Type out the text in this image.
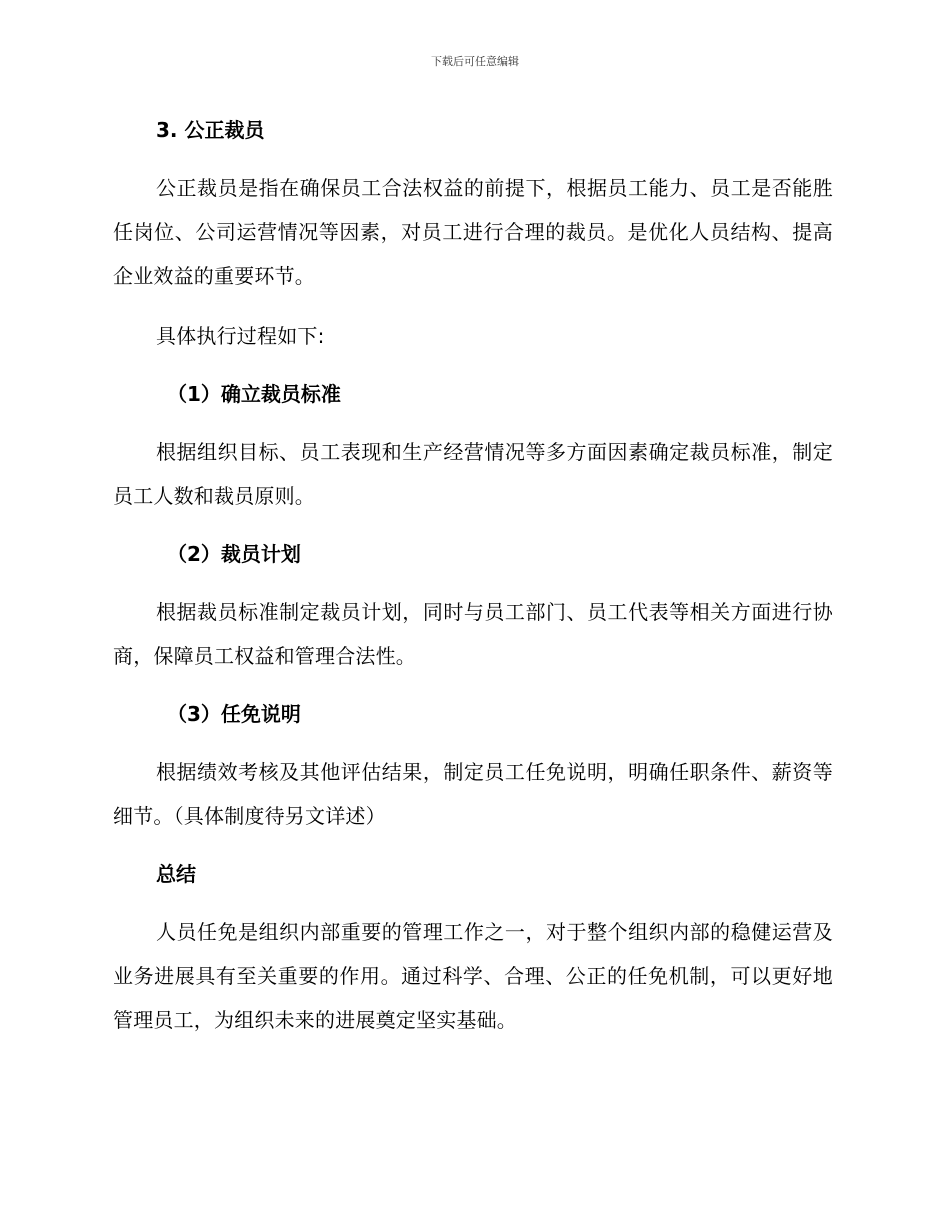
下载后可任意编辑
3. 公正裁员
公正裁员是指在确保员工合法权益的前提下，根据员工能力、员工是否能胜任岗位、公司运营情况等因素，对员工进行合理的裁员。是优化人员结构、提高企业效益的重要环节。
具体执行过程如下:
（1）确立裁员标准
根据组织目标、员工表现和生产经营情况等多方面因素确定裁员标准，制定员工人数和裁员原则。
（2）裁员计划
根据裁员标准制定裁员计划，同时与员工部门、员工代表等相关方面进行协商，保障员工权益和管理合法性。
（3）任免说明
根据绩效考核及其他评估结果，制定员工任免说明，明确任职条件、薪资等细节。（具体制度待另文详述）
总结
人员任免是组织内部重要的管理工作之一，对于整个组织内部的稳健运营及业务进展具有至关重要的作用。通过科学、合理、公正的任免机制，可以更好地管理员工，为组织未来的进展奠定坚实基础。
